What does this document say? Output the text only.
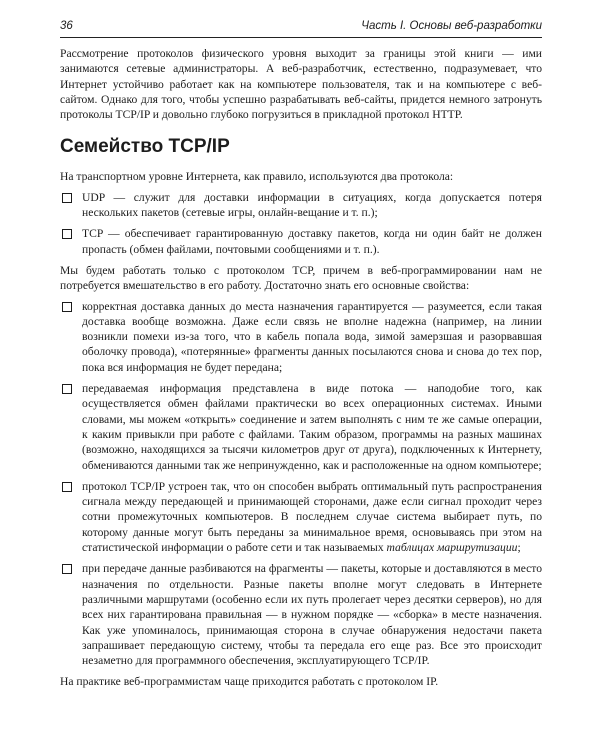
36	Часть I. Основы веб-разработки

Рассмотрение протоколов физического уровня выходит за границы этой книги — ими занимаются сетевые администраторы. А веб-разработчик, естественно, подразумевает, что Интернет устойчиво работает как на компьютере пользователя, так и на компьютере с веб-сайтом. Однако для того, чтобы успешно разрабатывать веб-сайты, придется немного затронуть протоколы TCP/IP и довольно глубоко погрузиться в прикладной протокол HTTP.

Семейство TCP/IP

На транспортном уровне Интернета, как правило, используются два протокола:

UDP — служит для доставки информации в ситуациях, когда допускается потеря нескольких пакетов (сетевые игры, онлайн-вещание и т. п.);
TCP — обеспечивает гарантированную доставку пакетов, когда ни один байт не должен пропасть (обмен файлами, почтовыми сообщениями и т. п.).

Мы будем работать только с протоколом TCP, причем в веб-программировании нам не потребуется вмешательство в его работу. Достаточно знать его основные свойства:

корректная доставка данных до места назначения гарантируется — разумеется, если такая доставка вообще возможна. Даже если связь не вполне надежна (например, на линии возникли помехи из-за того, что в кабель попала вода, зимой замерзшая и разорвавшая оболочку провода), «потерянные» фрагменты данных посылаются снова и снова до тех пор, пока вся информация не будет передана;
передаваемая информация представлена в виде потока — наподобие того, как осуществляется обмен файлами практически во всех операционных системах. Иными словами, мы можем «открыть» соединение и затем выполнять с ним те же самые операции, к каким привыкли при работе с файлами. Таким образом, программы на разных машинах (возможно, находящихся за тысячи километров друг от друга), подключенных к Интернету, обмениваются данными так же непринужденно, как и расположенные на одном компьютере;
протокол TCP/IP устроен так, что он способен выбрать оптимальный путь распространения сигнала между передающей и принимающей сторонами, даже если сигнал проходит через сотни промежуточных компьютеров. В последнем случае система выбирает путь, по которому данные могут быть переданы за минимальное время, основываясь при этом на статистической информации о работе сети и так называемых таблицах маршрутизации;
при передаче данные разбиваются на фрагменты — пакеты, которые и доставляются в место назначения по отдельности. Разные пакеты вполне могут следовать в Интернете различными маршрутами (особенно если их путь пролегает через десятки серверов), но для всех них гарантирована правильная — в нужном порядке — «сборка» в месте назначения. Как уже упоминалось, принимающая сторона в случае обнаружения недостачи пакета запрашивает передающую систему, чтобы та передала его еще раз. Все это происходит незаметно для программного обеспечения, эксплуатирующего TCP/IP.

На практике веб-программистам чаще приходится работать с протоколом IP.
